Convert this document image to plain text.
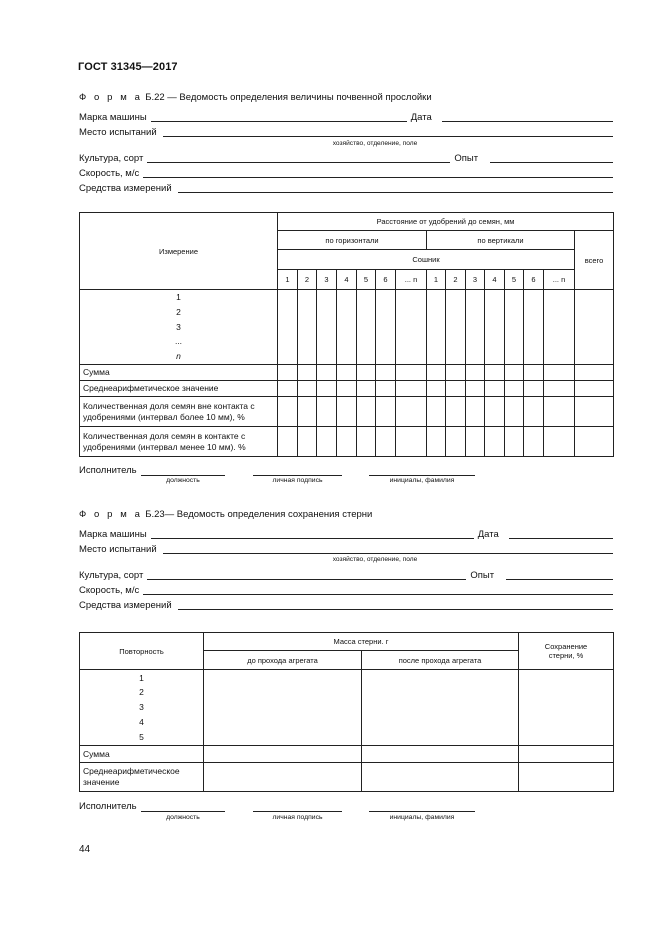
ГОСТ 31345—2017
Ф о р м а Б.22 — Ведомость определения величины почвенной прослойки
Марка машины	Дата
Место испытаний
хозяйство, отделение, поле
Культура, сорт	Опыт
Скорость, м/с
Средства измерений
Измерение	Расстояние от удобрений до семян, мм														
	по горизонтали							по вертикали							всего
	Сошник														
	1	2	3	4	5	6	... n	1	2	3	4	5	6	... n	

1
2
3
...
n															

Сумма															
Среднеарифметическое значение															
Количественная доля семян вне контакта с удобрениями (интервал более 10 мм), %															
Количественная доля семян в контакте с удобрениями (интервал менее 10 мм). %															
Исполнитель
должность	личная подпись	инициалы, фамилия
Ф о р м а Б.23— Ведомость определения сохранения стерни
Марка машины	Дата
Место испытаний
хозяйство, отделение, поле
Культура, сорт	Опыт
Скорость, м/с
Средства измерений
Повторность	Масса стерни. г		Сохранение стерни, %
	до прохода агрегата	после прохода агрегата	

1
2
3
4
5			

Сумма			
Среднеарифметическое значение			
Исполнитель
должность	личная подпись	инициалы, фамилия
44
